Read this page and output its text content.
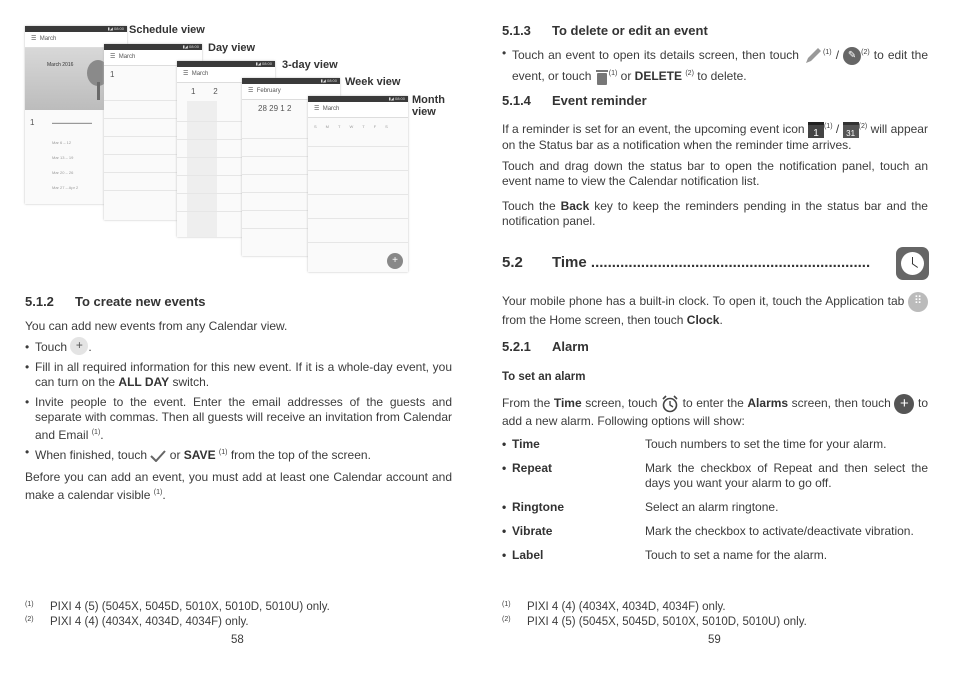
▮◢ 08:00
☰  March
March 2016
1	▬▬▬▬▬▬▬▬▬▬
Mar 6 – 12
Mar 13 – 19
Mar 20 – 26
Mar 27 – Apr 2
Schedule view
▮◢ 08:00
☰  March
1
Day view
▮◢ 08:00
☰  March
1        2
3-day view
▮◢ 08:00
☰  February
28 29 1 2
Week view
▮◢ 08:00
☰  March
SMTWTFS
+
Month view
5.1.2 To create new events

You can add new events from any Calendar view.

• Touch + .

• Fill in all required information for this new event. If it is a whole-day event, you can turn on the ALL DAY switch.

• Invite people to the event. Enter the email addresses of the guests and separate with commas. Then all guests will receive an invitation from Calendar and Email $^{(1)}$.

• When finished, touch or SAVE $^{(1)}$ from the top of the screen.

Before you can add an event, you must add at least one Calendar account and make a calendar visible $^{(1)}$.

(1) PIXI 4 (5) (5045X, 5045D, 5010X, 5010D, 5010U) only.
(2) PIXI 4 (4) (4034X, 4034D, 4034F) only.
58
5.1.3 To delete or edit an event

• Touch an event to open its details screen, then touch	$^{(1)}$ / ✎ $^{(2)}$ to edit the event, or touch $^{(1)}$ or DELETE $^{(2)}$ to delete.

5.1.4 Event reminder

If a reminder is set for an event, the upcoming event icon 1$^{(1)}$ / 31$^{(2)}$ will appear on the Status bar as a notification when the reminder time arrives.

Touch and drag down the status bar to open the notification panel, touch an event name to view the Calendar notification list.

Touch the Back key to keep the reminders pending in the status bar and the notification panel.

5.2 Time ...................................................................

Your mobile phone has a built-in clock. To open it, touch the Application tab ⠿ from the Home screen, then touch Clock.

5.2.1 Alarm
To set an alarm

From the Time screen, touch to enter the Alarms screen, then touch + to add a new alarm. Following options will show:

• Time	Touch numbers to set the time for your alarm.
• Repeat	Mark the checkbox of Repeat and then select the days you want your alarm to go off.
• Ringtone	Select an alarm ringtone.
• Vibrate	Mark the checkbox to activate/deactivate vibration.
• Label	Touch to set a name for the alarm.
(1) PIXI 4 (4) (4034X, 4034D, 4034F) only.
(2) PIXI 4 (5) (5045X, 5045D, 5010X, 5010D, 5010U) only.
59
